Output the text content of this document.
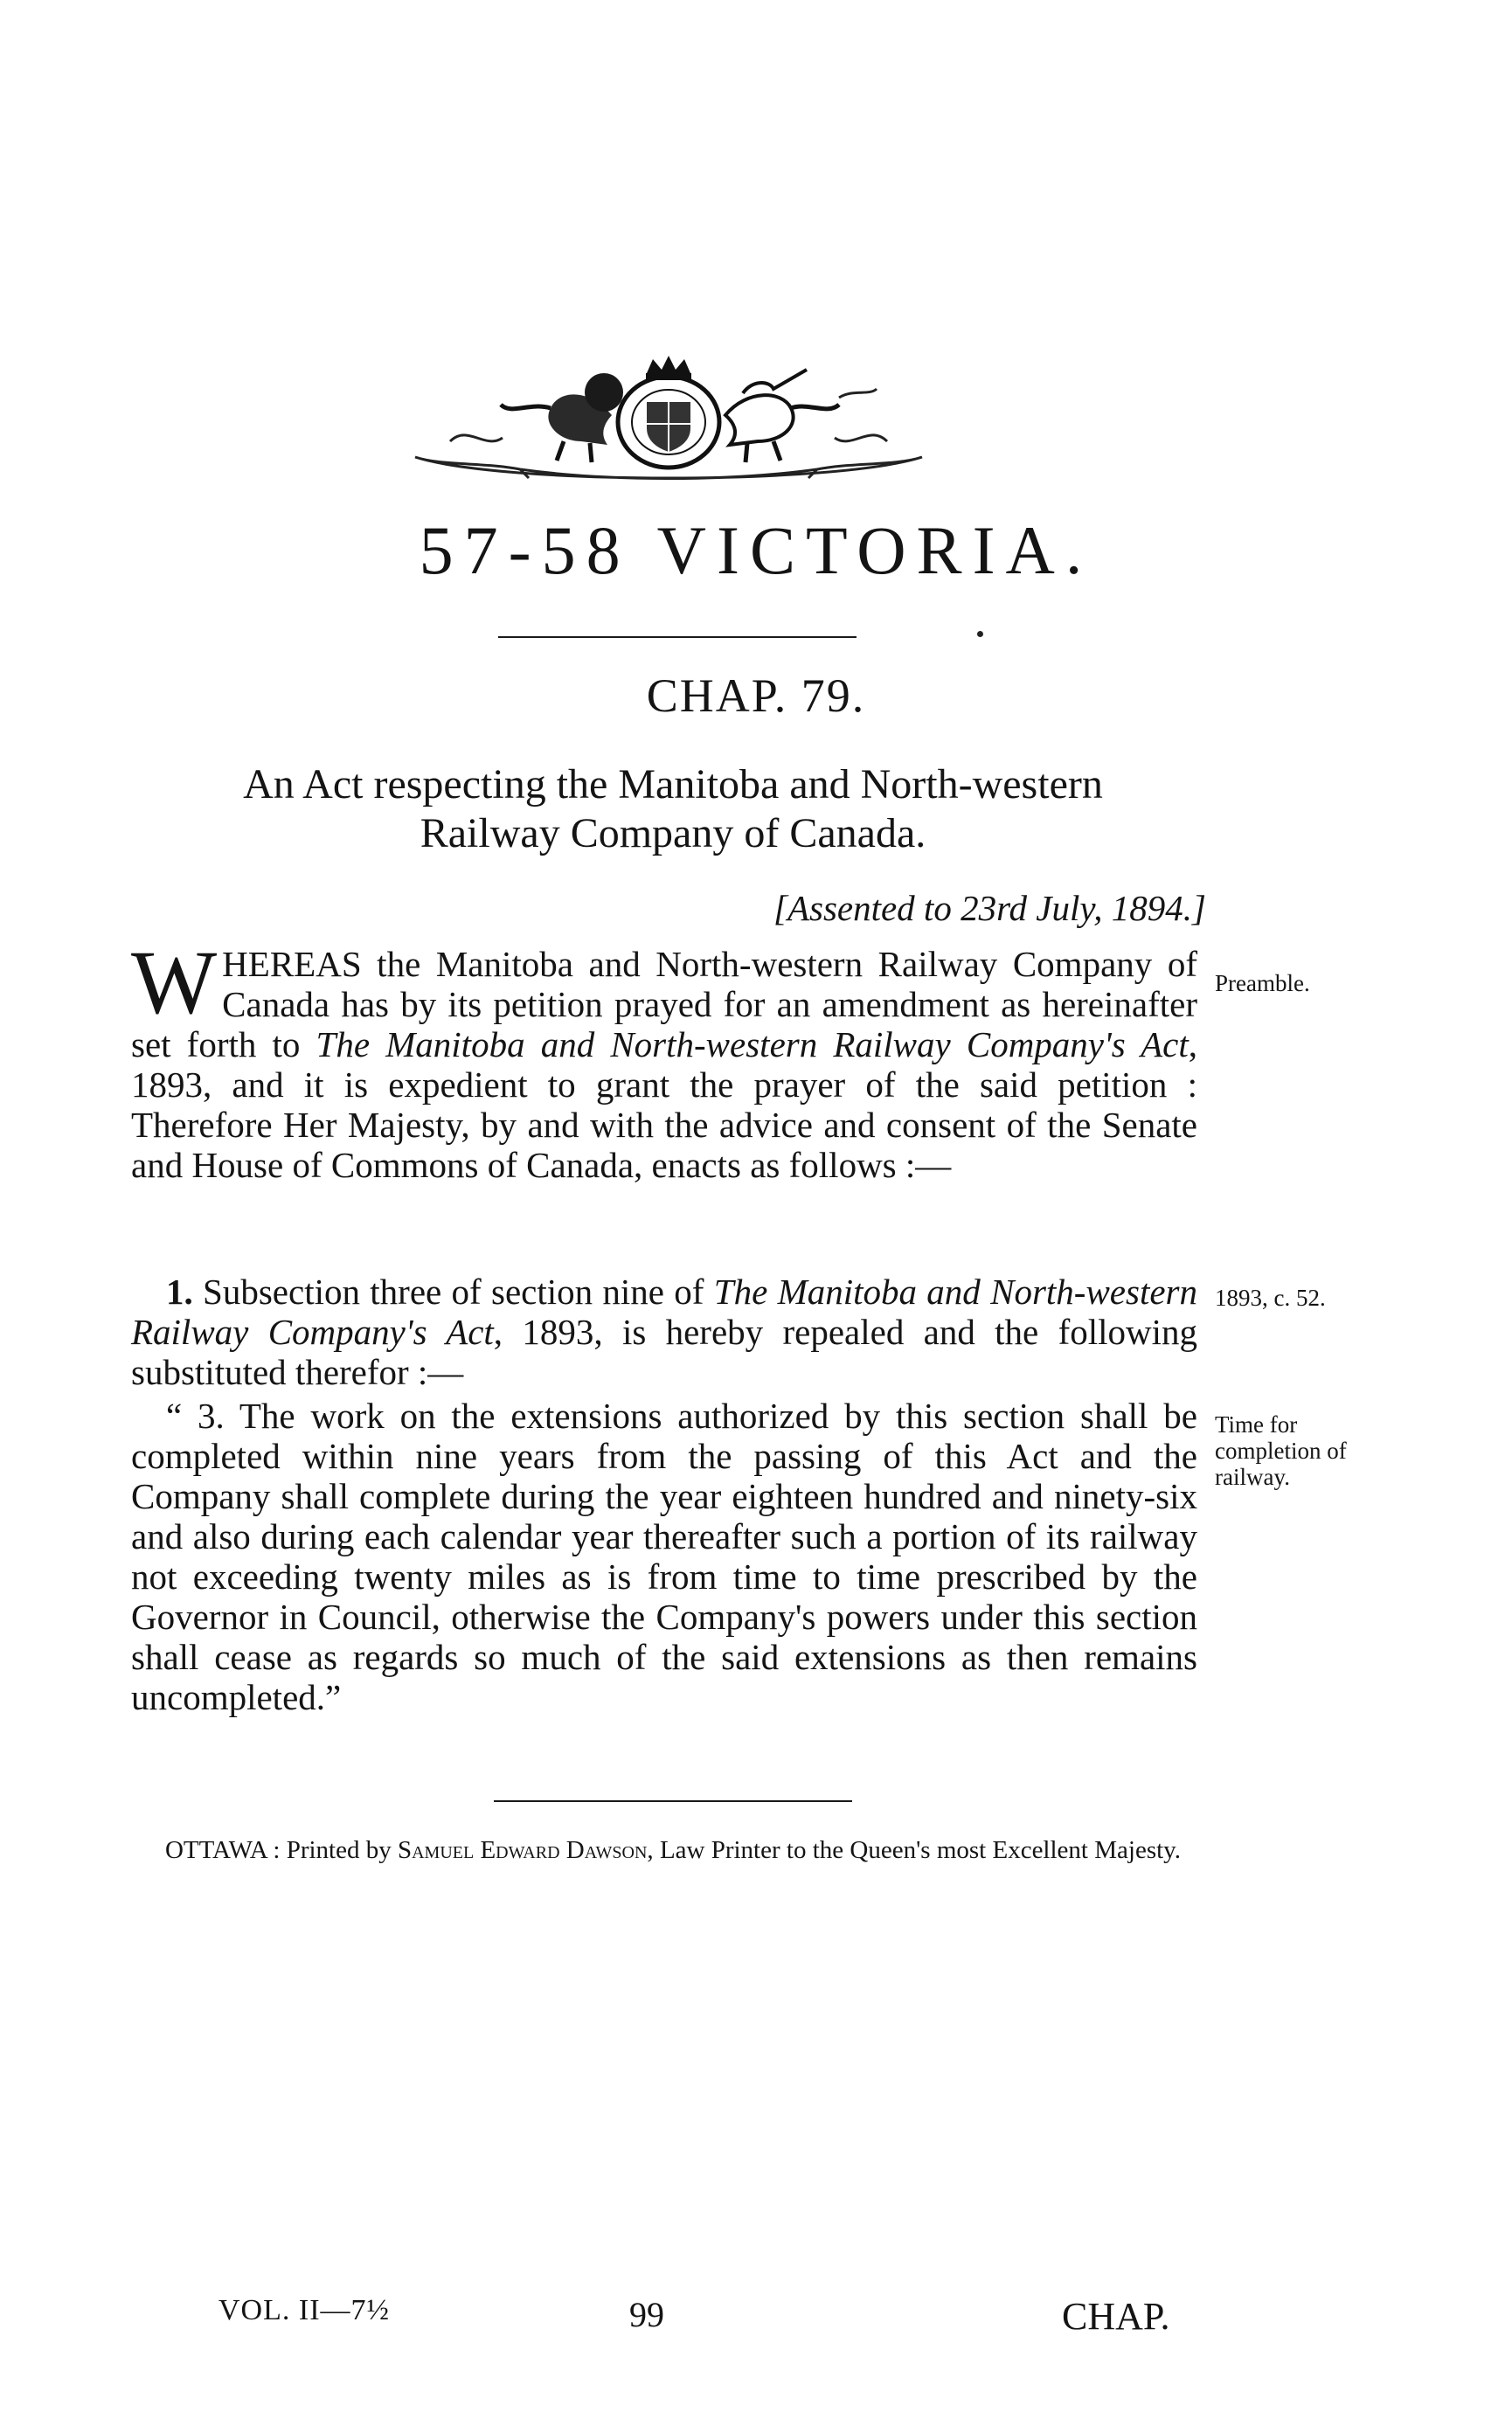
57-58 VICTORIA.
CHAP. 79.
An Act respecting the Manitoba and North-western
Railway Company of Canada.
[Assented to 23rd July, 1894.]
WHEREAS the Manitoba and North-western Railway Company of Canada has by its petition prayed for an amendment as hereinafter set forth to The Manitoba and North-western Railway Company's Act, 1893, and it is expedient to grant the prayer of the said petition : Therefore Her Majesty, by and with the advice and consent of the Senate and House of Commons of Canada, enacts as follows :—
Preamble.
1. Subsection three of section nine of The Manitoba and North-western Railway Company's Act, 1893, is hereby repealed and the following substituted therefor :—
1893, c. 52.
“ 3. The work on the extensions authorized by this section shall be completed within nine years from the passing of this Act and the Company shall complete during the year eighteen hundred and ninety-six and also during each calendar year thereafter such a portion of its railway not exceeding twenty miles as is from time to time prescribed by the Governor in Council, otherwise the Company's powers under this section shall cease as regards so much of the said extensions as then remains uncompleted.”
Time for completion of railway.
OTTAWA : Printed by Samuel Edward Dawson, Law Printer to the Queen's most Excellent Majesty.
VOL. II—7½	99	CHAP.
